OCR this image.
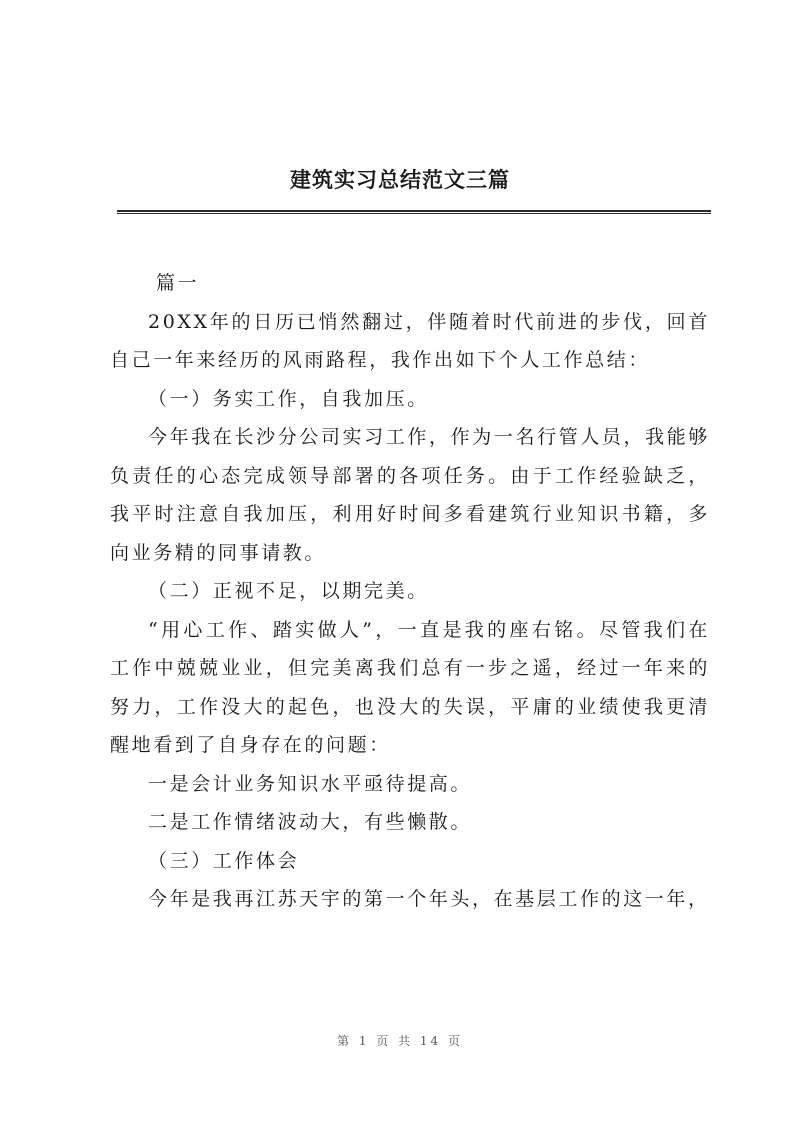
建筑实习总结范文三篇

篇一

20XX年的日历已悄然翻过，伴随着时代前进的步伐，回首自己一年来经历的风雨路程，我作出如下个人工作总结：

（一）务实工作，自我加压。

今年我在长沙分公司实习工作，作为一名行管人员，我能够负责任的心态完成领导部署的各项任务。由于工作经验缺乏，我平时注意自我加压，利用好时间多看建筑行业知识书籍，多向业务精的同事请教。

（二）正视不足，以期完美。

“用心工作、踏实做人”，一直是我的座右铭。尽管我们在工作中兢兢业业，但完美离我们总有一步之遥，经过一年来的努力，工作没大的起色，也没大的失误，平庸的业绩使我更清醒地看到了自身存在的问题：

一是会计业务知识水平亟待提高。

二是工作情绪波动大，有些懒散。

（三）工作体会

今年是我再江苏天宇的第一个年头，在基层工作的这一年，

第 1 页 共 14 页
